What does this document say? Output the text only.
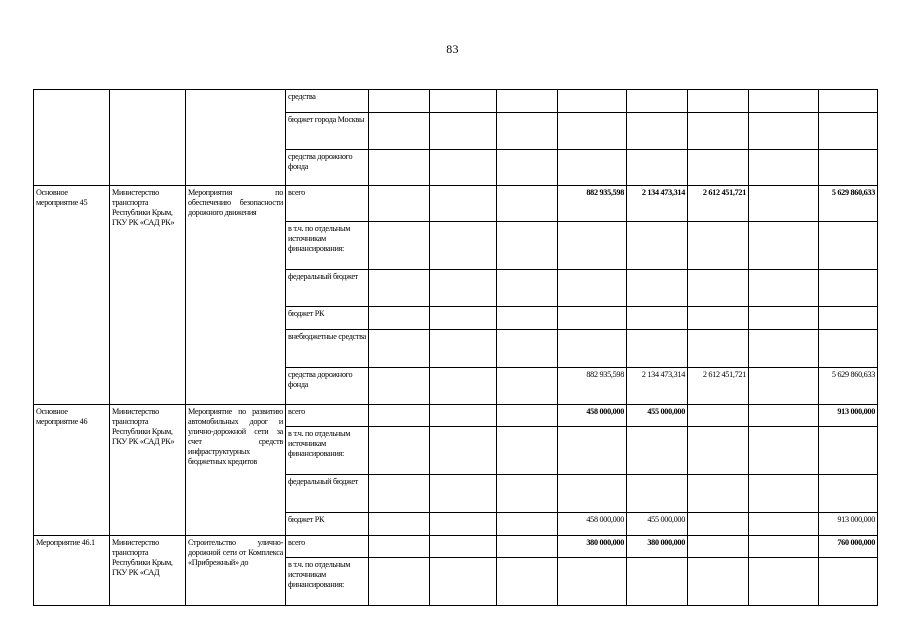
83
			средства								
			бюджет города Москвы								
			средства дорожного фонда								
Основное мероприятие 45	Министерство транспорта Республики Крым, ГКУ РК «САД РК»	Мероприятия по обеспечению безопасности дорожного движения	всего				882 935,598	2 134 473,314	2 612 451,721		5 629 860,633
			в т.ч. по отдельным источникам финансирования:								
			федеральный бюджет								
			бюджет РК								
			внебюджетные средства								
			средства дорожного фонда				882 935,598	2 134 473,314	2 612 451,721		5 629 860,633
Основное мероприятие 46	Министерство транспорта Республики Крым, ГКУ РК «САД РК»	Мероприятие по развитию автомобильных дорог и улично-дорожной сети за счет средств инфраструктурных бюджетных кредитов	всего				458 000,000	455 000,000			913 000,000
			в т.ч. по отдельным источникам финансирования:								
			федеральный бюджет								
			бюджет РК				458 000,000	455 000,000			913 000,000
Мероприятие 46.1	Министерство транспорта Республики Крым, ГКУ РК «САД	Строительство улично-дорожной сети от Комплекса «Прибрежный» до	всего				380 000,000	380 000,000			760 000,000
			в т.ч. по отдельным источникам финансирования:								
